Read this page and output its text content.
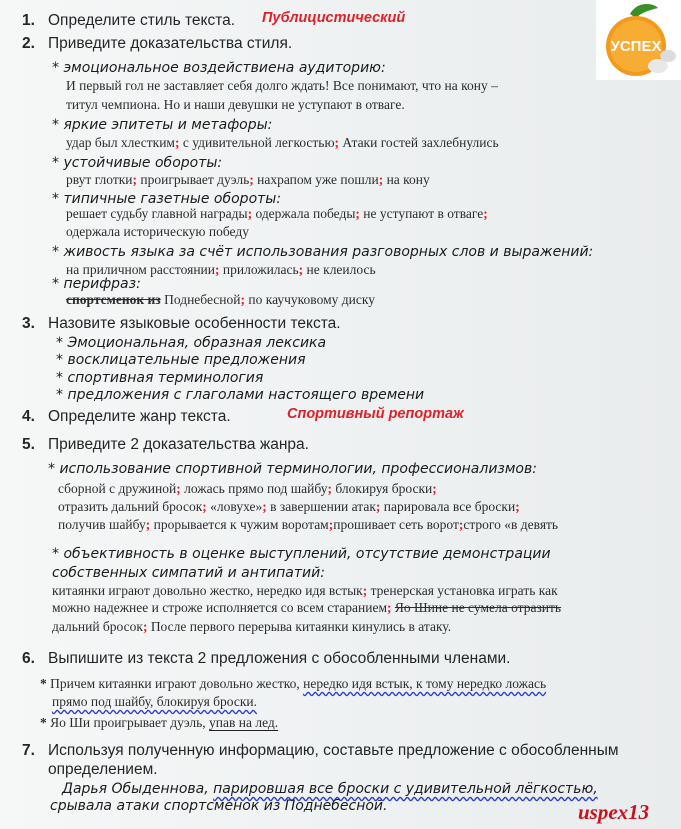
УСПЕХ
1. Определите стиль текста. Публицистический
2. Приведите доказательства стиля.
* эмоциональное воздействиена аудиторию:
И первый гол не заставляет себя долго ждать! Все понимают, что на кону –
титул чемпиона. Но и наши девушки не уступают в отваге.
* яркие эпитеты и метафоры:
удар был хлестким; с удивительной легкостью; Атаки гостей захлебнулись
* устойчивые обороты:
рвут глотки; проигрывает дуэль; нахрапом уже пошли; на кону
* типичные газетные обороты:
решает судьбу главной награды; одержала победы; не уступают в отваге;
одержала историческую победу
* живость языка за счёт использования разговорных слов и выражений:
на приличном расстоянии; приложилась; не клеилось
* перифраз:
спортсменок из Поднебесной; по каучуковому диску
3. Назовите языковые особенности текста.
* Эмоциональная, образная лексика
* восклицательные предложения
* спортивная терминология
* предложения с глаголами настоящего времени
4. Определите жанр текста.	Спортивный репортаж
5. Приведите 2 доказательства жанра.
* использование спортивной терминологии, профессионализмов:
сборной с дружиной; ложась прямо под шайбу; блокируя броски;
отразить дальний бросок; «ловухе»; в завершении атак; парировала все броски;
получив шайбу; прорывается к чужим воротам;прошивает сеть ворот;строго «в девять
* объективность в оценке выступлений, отсутствие демонстрации
собственных симпатий и антипатий:
китаянки играют довольно жестко, нередко идя встык; тренерская установка играть как
можно надежнее и строже исполняется со всем старанием; Яо Шине не сумела отразить
дальний бросок; После первого перерыва китаянки кинулись в атаку.
6. Выпишите из текста 2 предложения с обособленными членами.
* Причем китаянки играют довольно жестко, нередко идя встык, к тому нередко ложась
прямо под шайбу, блокируя броски.
* Яо Ши проигрывает дуэль, упав на лед.
7. Используя полученную информацию, составьте предложение с обособленным
определением.
Дарья Обыденнова, парировшая все броски с удивительной лёгкостью,
срывала атаки спортсменок из Поднебесной.	uspex13
